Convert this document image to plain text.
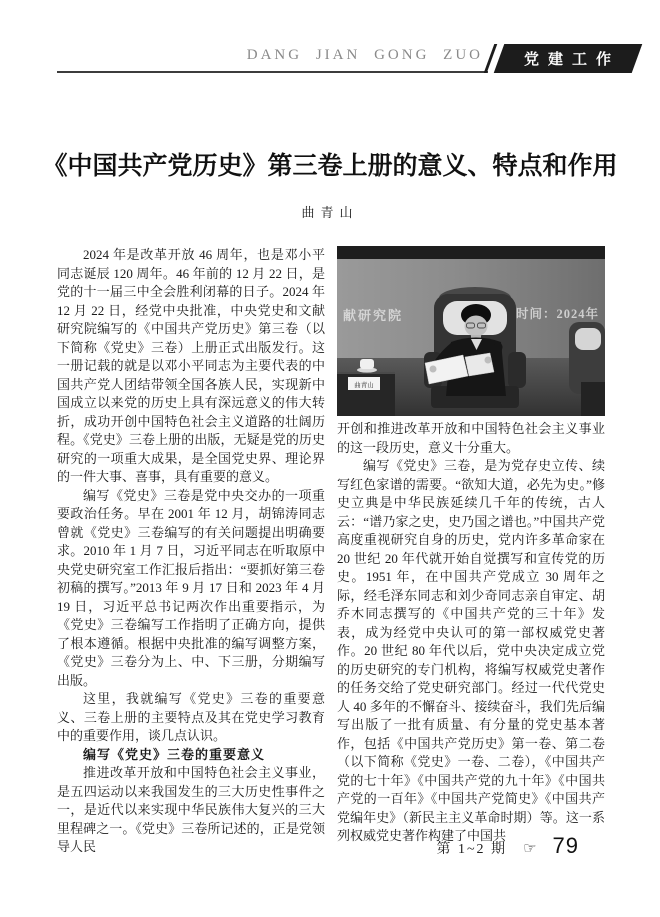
DANG JIAN GONG ZUO	党建工作
《中国共产党历史》第三卷上册的意义、特点和作用
曲青山

2024 年是改革开放 46 周年，也是邓小平同志诞辰 120 周年。46 年前的 12 月 22 日，是党的十一届三中全会胜利闭幕的日子。2024 年 12 月 22 日，经党中央批准，中央党史和文献研究院编写的《中国共产党历史》第三卷（以下简称《党史》三卷）上册正式出版发行。这一册记载的就是以邓小平同志为主要代表的中国共产党人团结带领全国各族人民，实现新中国成立以来党的历史上具有深远意义的伟大转折，成功开创中国特色社会主义道路的壮阔历程。《党史》三卷上册的出版，无疑是党的历史研究的一项重大成果，是全国党史界、理论界的一件大事、喜事，具有重要的意义。

编写《党史》三卷是党中央交办的一项重要政治任务。早在 2001 年 12 月，胡锦涛同志曾就《党史》三卷编写的有关问题提出明确要求。2010 年 1 月 7 日，习近平同志在听取原中央党史研究室工作汇报后指出：“要抓好第三卷初稿的撰写。”2013 年 9 月 17 日和 2023 年 4 月 19 日，习近平总书记两次作出重要指示，为《党史》三卷编写工作指明了正确方向，提供了根本遵循。根据中央批准的编写调整方案，《党史》三卷分为上、中、下三册，分期编写出版。

这里，我就编写《党史》三卷的重要意义、三卷上册的主要特点及其在党史学习教育中的重要作用，谈几点认识。

编写《党史》三卷的重要意义

推进改革开放和中国特色社会主义事业，是五四运动以来我国发生的三大历史性事件之一，是近代以来实现中华民族伟大复兴的三大里程碑之一。《党史》三卷所记述的，正是党领导人民

献研究院	时间：2024年
曲青山

开创和推进改革开放和中国特色社会主义事业的这一段历史，意义十分重大。

编写《党史》三卷，是为党存史立传、续写红色家谱的需要。“欲知大道，必先为史。”修史立典是中华民族延续几千年的传统，古人云：“谱乃家之史，史乃国之谱也。”中国共产党高度重视研究自身的历史，党内许多革命家在 20 世纪 20 年代就开始自觉撰写和宣传党的历史。1951 年，在中国共产党成立 30 周年之际，经毛泽东同志和刘少奇同志亲自审定、胡乔木同志撰写的《中国共产党的三十年》发表，成为经党中央认可的第一部权威党史著作。20 世纪 80 年代以后，党中央决定成立党的历史研究的专门机构，将编写权威党史著作的任务交给了党史研究部门。经过一代代党史人 40 多年的不懈奋斗、接续奋斗，我们先后编写出版了一批有质量、有分量的党史基本著作，包括《中国共产党历史》第一卷、第二卷（以下简称《党史》一卷、二卷），《中国共产党的七十年》《中国共产党的九十年》《中国共产党的一百年》《中国共产党简史》《中国共产党编年史》（新民主主义革命时期）等。这一系列权威党史著作构建了中国共

第 1~2 期 ☞ 79
